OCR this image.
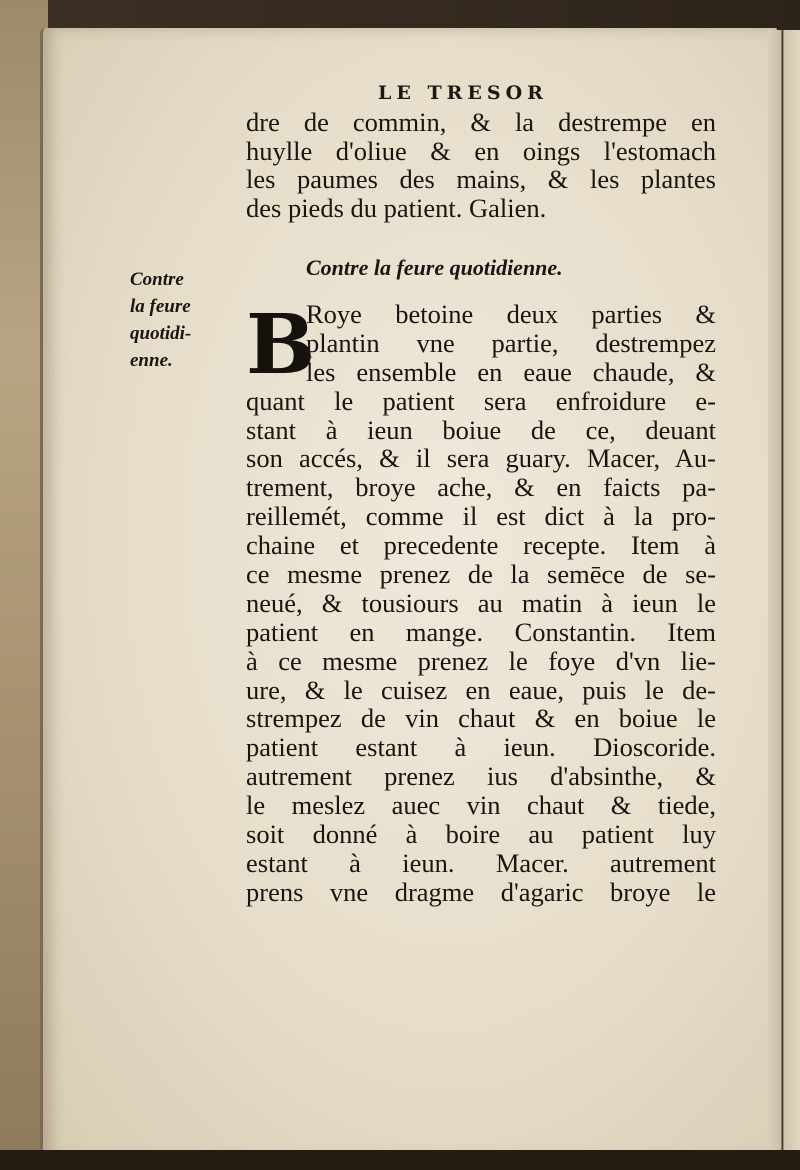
LE TRESOR
dre de commin, & la destrempe en
huylle d'oliue & en oings l'estomach
les paumes des mains, & les plantes
des pieds du patient. Galien.
Contre la feure quotidienne.
Contre
la feure
quotidi-
enne. B
Roye betoine deux parties &
plantin vne partie, destrempez
les ensemble en eaue chaude, &
quant le patient sera enfroidure e-
stant à ieun boiue de ce, deuant
son accés, & il sera guary. Macer, Au-
trement, broye ache, & en faicts pa-
reillemét, comme il est dict à la pro-
chaine et precedente recepte. Item à
ce mesme prenez de la semēce de se-
neué, & tousiours au matin à ieun le
patient en mange. Constantin. Item
à ce mesme prenez le foye d'vn lie-
ure, & le cuisez en eaue, puis le de-
strempez de vin chaut & en boiue le
patient estant à ieun. Dioscoride.
autrement prenez ius d'absinthe, &
le meslez auec vin chaut & tiede,
soit donné à boire au patient luy
estant à ieun. Macer. autrement
prens vne dragme d'agaric broye le
